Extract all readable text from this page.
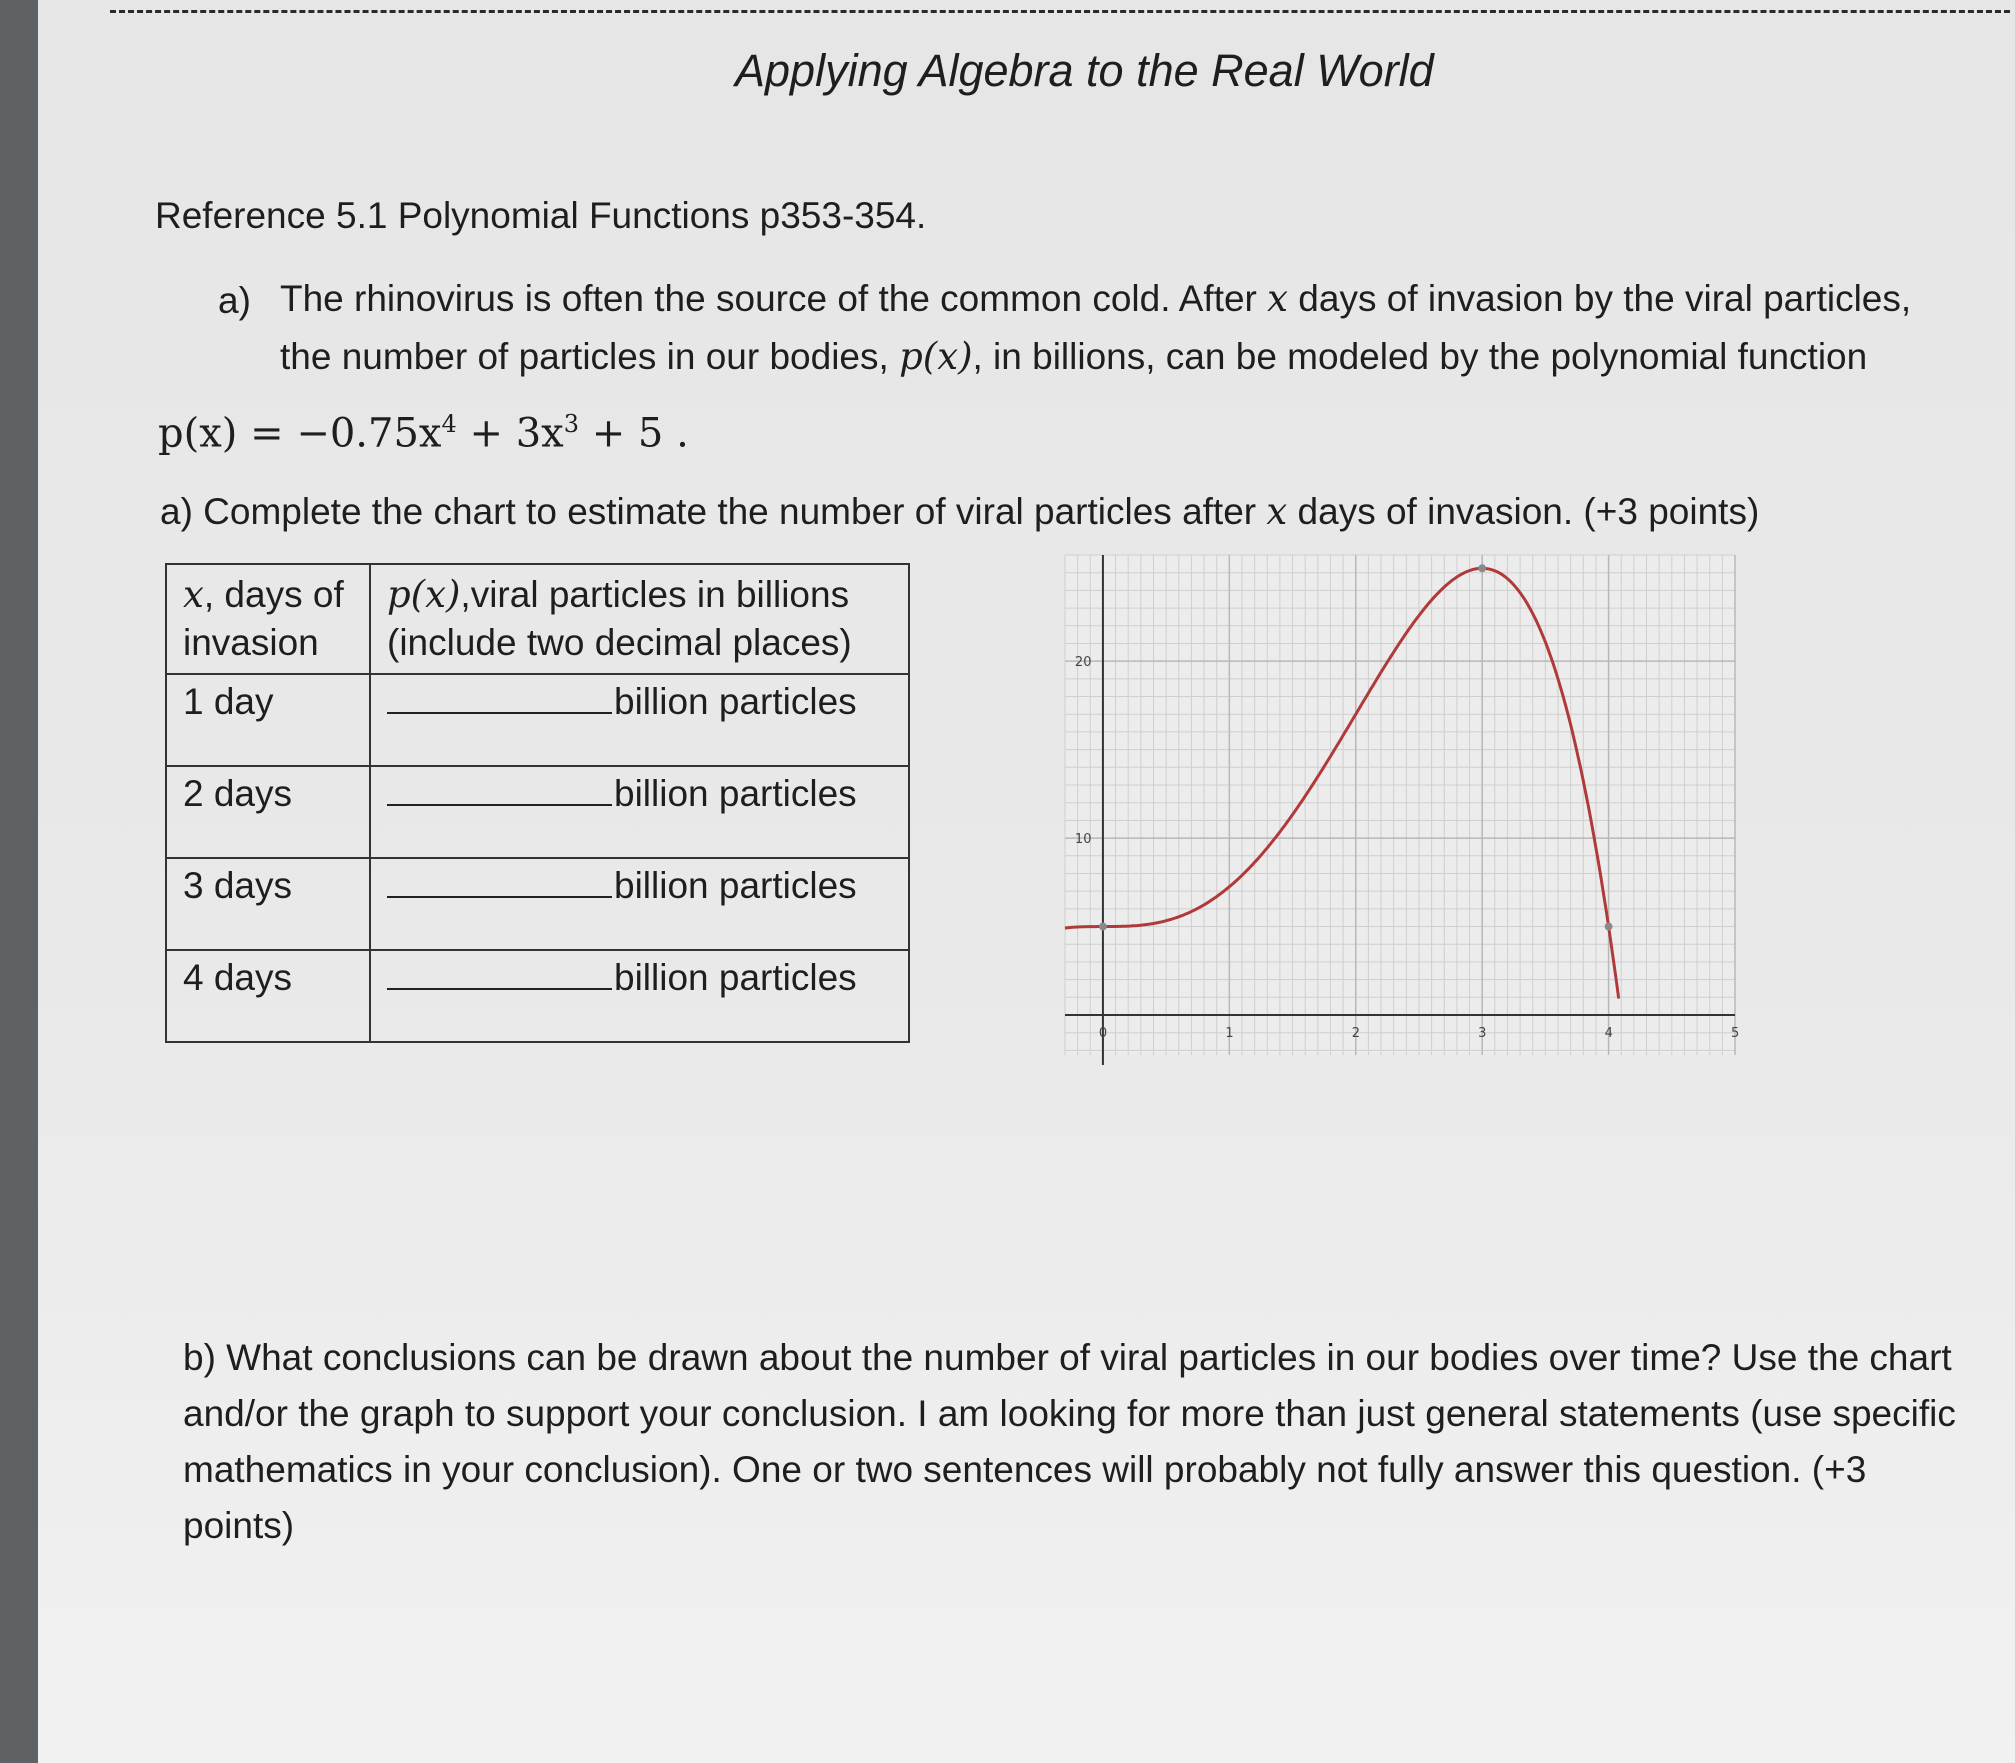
Applying Algebra to the Real World
Reference 5.1 Polynomial Functions p353-354.
a) The rhinovirus is often the source of the common cold. After x days of invasion by the viral particles, the number of particles in our bodies, p(x), in billions, can be modeled by the polynomial function
$p(x) = -0.75x^4 + 3x^3 + 5$ .
a) Complete the chart to estimate the number of viral particles after x days of invasion. (+3 points)
x, days of invasion	p(x),viral particles in billions (include two decimal places)
1 day	billion particles
2 days	billion particles
3 days	billion particles
4 days	billion particles
0	1	2	3	4	5
10
20
b) What conclusions can be drawn about the number of viral particles in our bodies over time? Use the chart and/or the graph to support your conclusion. I am looking for more than just general statements (use specific mathematics in your conclusion). One or two sentences will probably not fully answer this question. (+3 points)
